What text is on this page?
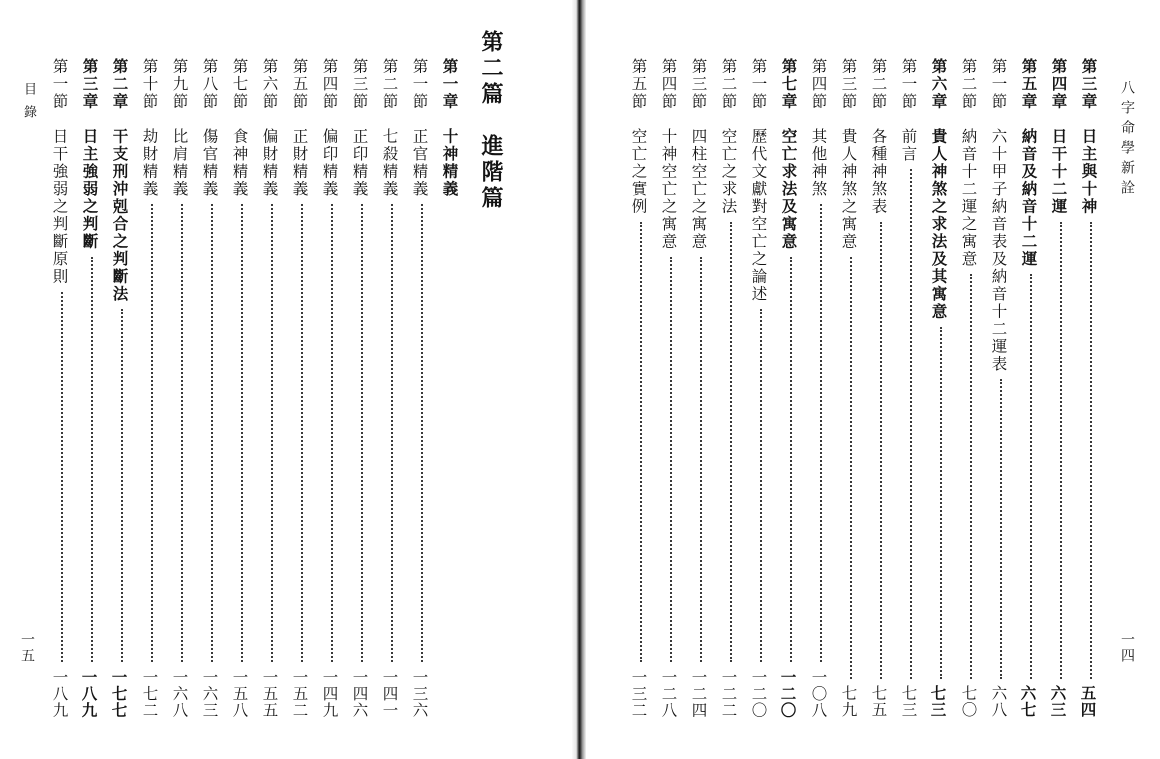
目錄
一五
第二篇　進階篇
第一章　十神精義
第一節　正官精義
一三六
第二節　七殺精義
一四一
第三節　正印精義
一四六
第四節　偏印精義
一四九
第五節　正財精義
一五二
第六節　偏財精義
一五五
第七節　食神精義
一五八
第八節　傷官精義
一六三
第九節　比肩精義
一六八
第十節　劫財精義
一七二
第二章　干支刑沖剋合之判斷法
一七七
第三章　日主強弱之判斷
一八九
第一節　日干強弱之判斷原則
一八九
第三章　日主與十神
五四
第四章　日干十二運
六三
第五章　納音及納音十二運
六七
第一節　六十甲子納音表及納音十二運表
六八
第二節　納音十二運之寓意
七〇
第六章　貴人神煞之求法及其寓意
七三
第一節　前言
七三
第二節　各種神煞表
七五
第三節　貴人神煞之寓意
七九
第四節　其他神煞
一〇八
第七章　空亡求法及寓意
一二〇
第一節　歷代文獻對空亡之論述
一二〇
第二節　空亡之求法
一二二
第三節　四柱空亡之寓意
一二四
第四節　十神空亡之寓意
一二八
第五節　空亡之實例
一三二
八字命學新詮
一四
